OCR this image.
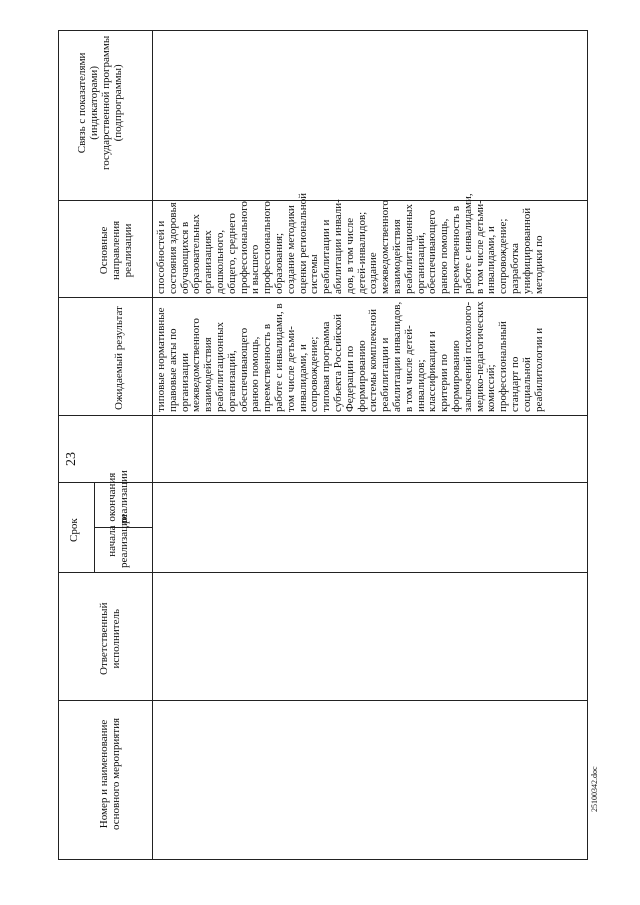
23
Связь с показателями
(индикаторами)
государственной программы
(подпрограммы)
Основные
направления
реализации
Ожидаемый результат
окончания
реализации
начала
реализации
Срок
Ответственный
исполнитель
Номер и наименование
основного мероприятия
типовые нормативные
правовые акты по
организации
межведомственного
взаимодействия
реабилитационных
организаций,
обеспечивающего
ранюю помощь,
преемственность в
работе с инвалидами, в
том числе детьми-
инвалидами, и
сопровождение;
типовая программа
субъекта Российской
Федерации по
формированию
системы комплексной
реабилитации и
абилитации инвалидов,
в том числе детей-
инвалидов;
классификации и
критерии по
формированию
заключений психолого-
медико-педагогических
комиссий;
профессиональный
стандарт по
социальной
реабилитологии и
способностей и
состояния здоровья
обучающихся в
образовательных
организациях
дошкольного,
общего, среднего
профессионального
и высшего
профессионального
образования;
создание методики
оценки региональной
системы
реабилитации и
абилитации инвали-
дов, в том числе
детей-инвалидов;
создание
межведомственного
взаимодействия
реабилитационных
организаций,
обеспечивающего
ранюю помощь,
преемственность в
работе с инвалидами,
в том числе детьми-
инвалидами, и
сопровождение;
разработка
унифицированной
методики по
25100342.doc
